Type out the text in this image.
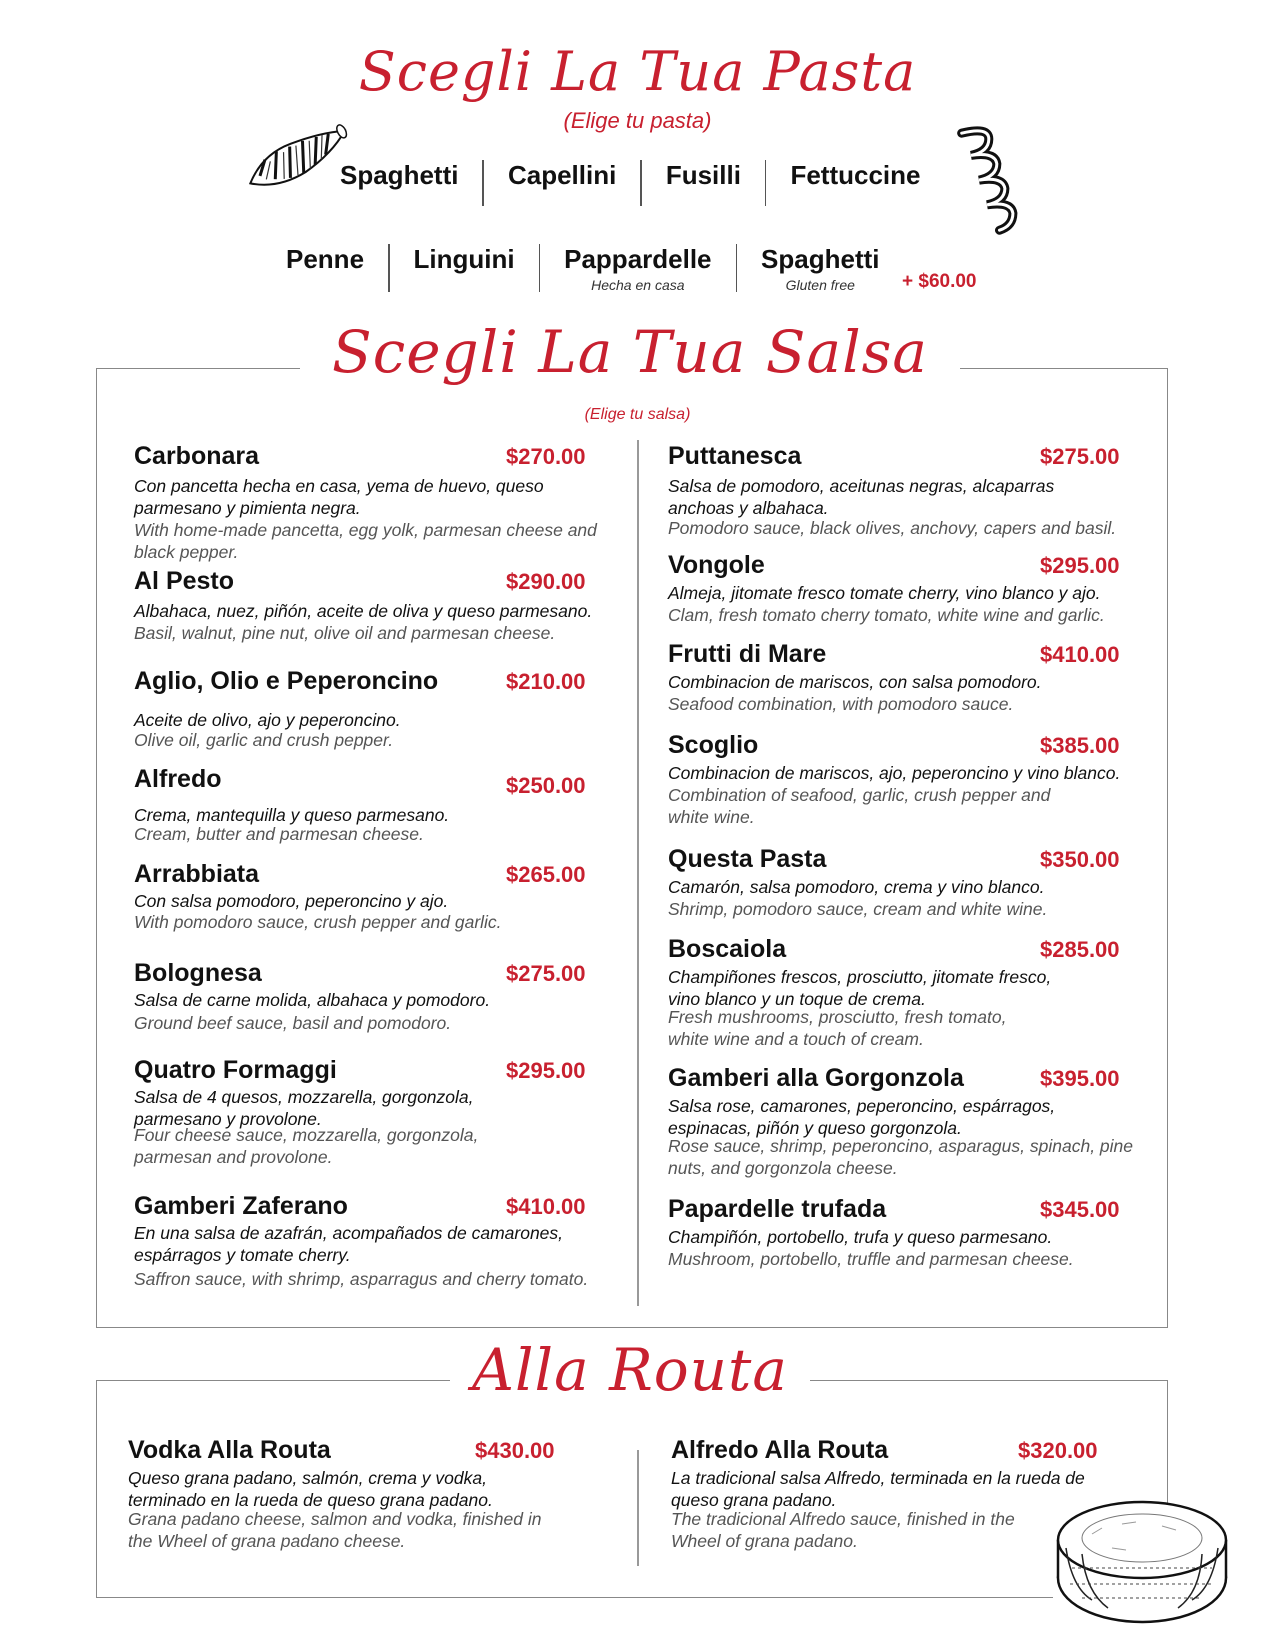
Scegli La Tua Pasta
(Elige tu pasta)
Spaghetti	Capellini	Fusilli	Fettuccine
Penne	Linguini	Pappardelle
Hecha en casa
Spaghetti
Gluten free	+ $60.00
Scegli La Tua Salsa
(Elige tu salsa)
Carbonara	$270.00
Con pancetta hecha en casa, yema de huevo, queso parmesano y pimienta negra.
With home-made pancetta, egg yolk, parmesan cheese and black pepper.
Al Pesto	$290.00
Albahaca, nuez, piñón, aceite de oliva y queso parmesano.
Basil, walnut, pine nut, olive oil and parmesan cheese.
Aglio, Olio e Peperoncino	$210.00
Aceite de olivo, ajo y peperoncino.
Olive oil, garlic and crush pepper.
Alfredo	$250.00
Crema, mantequilla y queso parmesano.
Cream, butter and parmesan cheese.
Arrabbiata	$265.00
Con salsa pomodoro, peperoncino y ajo.
With pomodoro sauce, crush pepper and garlic.
Bolognesa	$275.00
Salsa de carne molida, albahaca y pomodoro.
Ground beef sauce, basil and pomodoro.
Quatro Formaggi	$295.00
Salsa de 4 quesos, mozzarella, gorgonzola, parmesano y provolone.
Four cheese sauce, mozzarella, gorgonzola, parmesan and provolone.
Gamberi Zaferano	$410.00
En una salsa de azafrán, acompañados de camarones, espárragos y tomate cherry.
Saffron sauce, with shrimp, asparragus and cherry tomato.
Puttanesca	$275.00
Salsa de pomodoro, aceitunas negras, alcaparras anchoas y albahaca.
Pomodoro sauce, black olives, anchovy, capers and basil.
Vongole	$295.00
Almeja, jitomate fresco tomate cherry, vino blanco y ajo.
Clam, fresh tomato cherry tomato, white wine and garlic.
Frutti di Mare	$410.00
Combinacion de mariscos, con salsa pomodoro.
Seafood combination, with pomodoro sauce.
Scoglio	$385.00
Combinacion de mariscos, ajo, peperoncino y vino blanco.
Combination of seafood, garlic, crush pepper and white wine.
Questa Pasta	$350.00
Camarón, salsa pomodoro, crema y vino blanco.
Shrimp, pomodoro sauce, cream and white wine.
Boscaiola	$285.00
Champiñones frescos, prosciutto, jitomate fresco, vino blanco y un toque de crema.
Fresh mushrooms, prosciutto, fresh tomato, white wine and a touch of cream.
Gamberi alla Gorgonzola	$395.00
Salsa rose, camarones, peperoncino, espárragos, espinacas, piñón y queso gorgonzola.
Rose sauce, shrimp, peperoncino, asparagus, spinach, pine nuts, and gorgonzola cheese.
Papardelle trufada	$345.00
Champiñón, portobello, trufa y queso parmesano.
Mushroom, portobello, truffle and parmesan cheese.
Alla Routa
Vodka Alla Routa	$430.00
Queso grana padano, salmón, crema y vodka, terminado en la rueda de queso grana padano.
Grana padano cheese, salmon and vodka, finished in the Wheel of grana padano cheese.
Alfredo Alla Routa	$320.00
La tradicional salsa Alfredo, terminada en la rueda de queso grana padano.
The tradicional Alfredo sauce, finished in the Wheel of grana padano.
